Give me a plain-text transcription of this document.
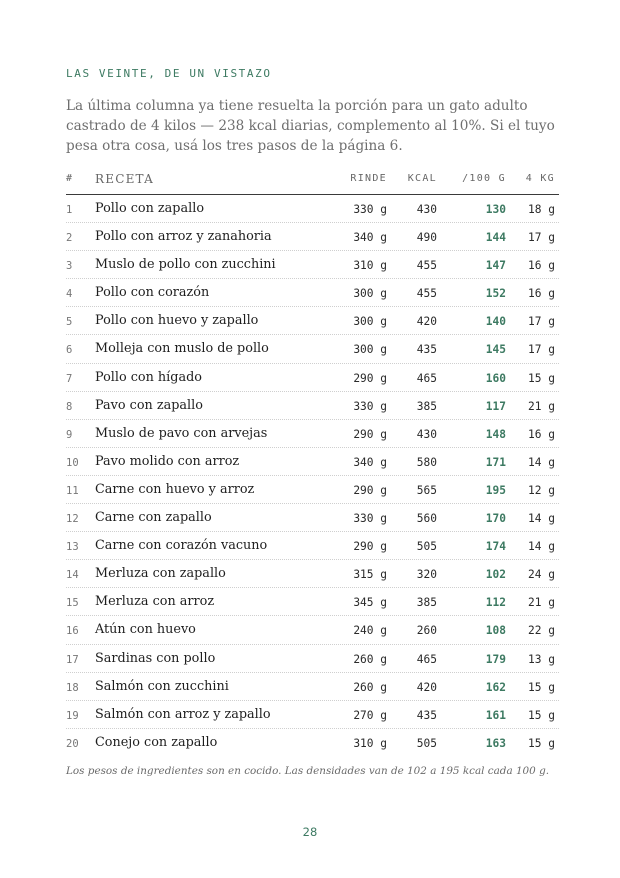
LAS VEINTE, DE UN VISTAZO

La última columna ya tiene resuelta la porción para un gato adulto castrado de 4 kilos — 238 kcal diarias, complemento al 10%. Si el tuyo pesa otra cosa, usá los tres pasos de la página 6.

# RECETA	RINDE KCAL	/100 G 4 KG
1 Pollo con zapallo	330 g	430	130 18 g
2 Pollo con arroz y zanahoria	340 g	490	144 17 g
3 Muslo de pollo con zucchini	310 g	455	147 16 g
4 Pollo con corazón	300 g	455	152 16 g
5 Pollo con huevo y zapallo	300 g	420	140 17 g
6 Molleja con muslo de pollo	300 g	435	145 17 g
7 Pollo con hígado	290 g	465	160 15 g
8 Pavo con zapallo	330 g	385	117 21 g
9 Muslo de pavo con arvejas	290 g	430	148 16 g
10 Pavo molido con arroz	340 g	580	171 14 g
11 Carne con huevo y arroz	290 g	565	195 12 g
12 Carne con zapallo	330 g	560	170 14 g
13 Carne con corazón vacuno	290 g	505	174 14 g
14 Merluza con zapallo	315 g	320	102 24 g
15 Merluza con arroz	345 g	385	112 21 g
16 Atún con huevo	240 g	260	108 22 g
17 Sardinas con pollo	260 g	465	179 13 g
18 Salmón con zucchini	260 g	420	162 15 g
19 Salmón con arroz y zapallo	270 g	435	161 15 g
20 Conejo con zapallo	310 g	505	163 15 g
Los pesos de ingredientes son en cocido. Las densidades van de 102 a 195 kcal cada 100 g.
28
